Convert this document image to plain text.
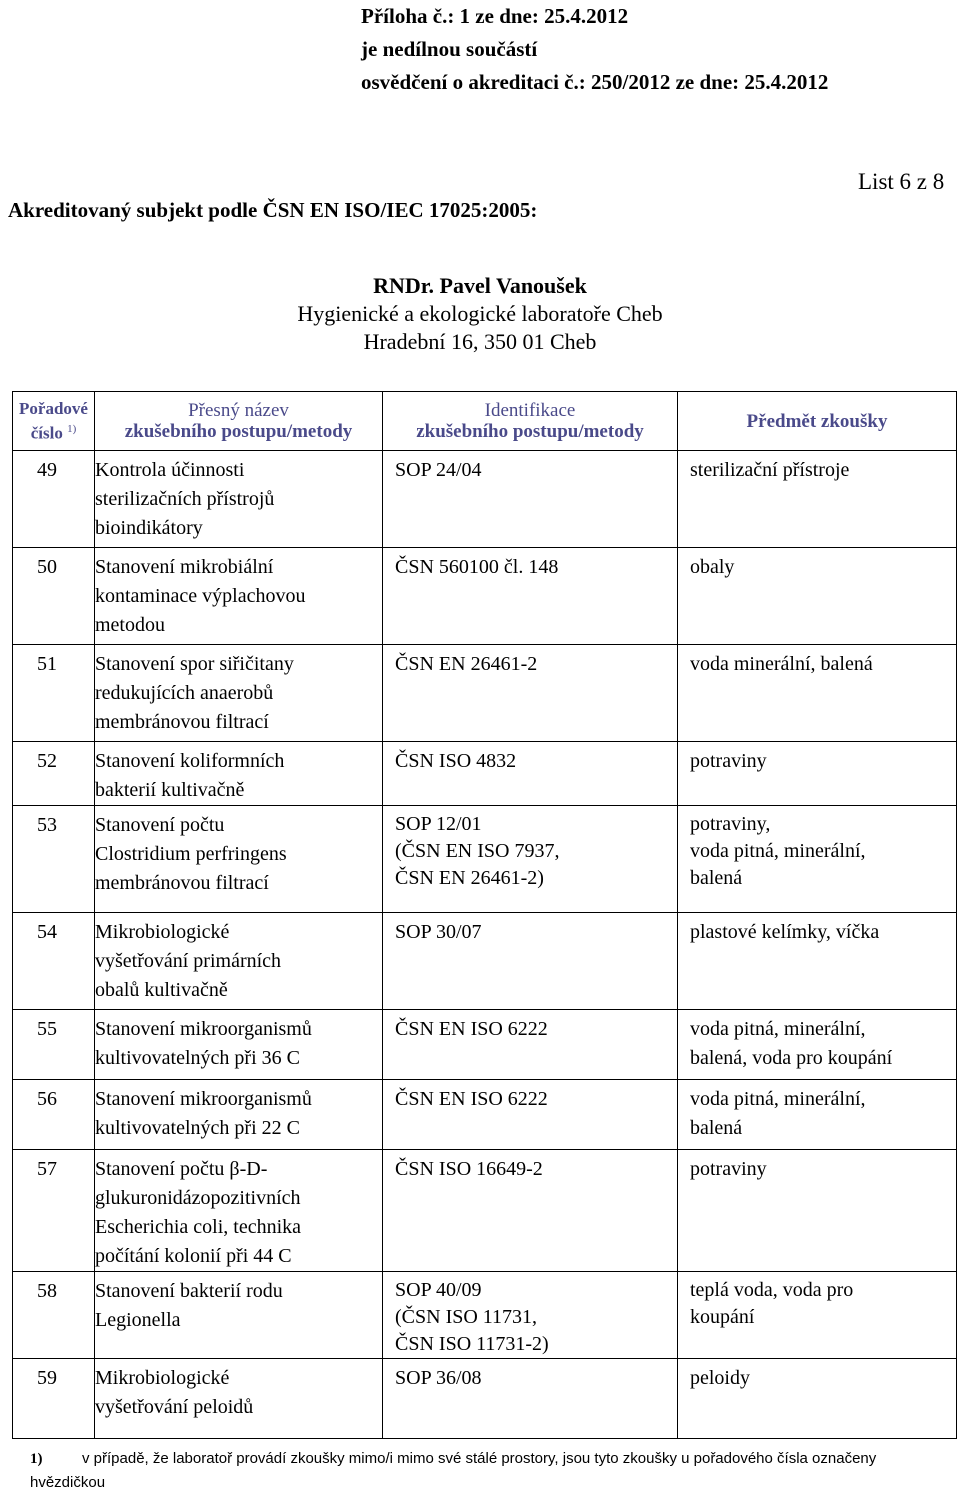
Příloha č.: 1 ze dne: 25.4.2012
je nedílnou součástí
osvědčení o akreditaci č.: 250/2012 ze dne: 25.4.2012
Akreditovaný subjekt podle ČSN EN ISO/IEC 17025:2005:
List 6 z 8
RNDr. Pavel Vanoušek
Hygienické a ekologické laboratoře Cheb
Hradební 16, 350 01 Cheb
Pořadové
číslo $^{1)}$	Přesný název
zkušebního postupu/metody	Identifikace
zkušebního postupu/metody	Předmět zkoušky
49	Kontrola účinnosti
sterilizačních přístrojů
bioindikátory	SOP 24/04	sterilizační přístroje

50	Stanovení mikrobiální
kontaminace výplachovou
metodou	ČSN 560100 čl. 148	obaly

51	Stanovení spor siřičitany
redukujících anaerobů
membránovou filtrací	ČSN EN 26461-2	voda minerální, balená

52	Stanovení koliformních
bakterií kultivačně	ČSN ISO 4832	potraviny

53	Stanovení počtu
Clostridium perfringens
membránovou filtrací	SOP 12/01
(ČSN EN ISO 7937,
ČSN EN 26461-2)	potraviny,
voda pitná, minerální,
balená

54	Mikrobiologické
vyšetřování primárních
obalů kultivačně	SOP 30/07	plastové kelímky, víčka

55	Stanovení mikroorganismů
kultivovatelných při 36 C	ČSN EN ISO 6222	voda pitná, minerální,
balená, voda pro koupání

56	Stanovení mikroorganismů
kultivovatelných při 22 C	ČSN EN ISO 6222	voda pitná, minerální,
balená

57	Stanovení počtu β-D-
glukuronidázopozitivních
Escherichia coli, technika
počítání kolonií při 44 C	ČSN ISO 16649-2	potraviny

58	Stanovení bakterií rodu
Legionella	SOP 40/09
(ČSN ISO 11731,
ČSN ISO 11731-2)	teplá voda, voda pro
koupání

59	Mikrobiologické
vyšetřování peloidů	SOP 36/08	peloidy
1)	v případě, že laboratoř provádí zkoušky mimo/i mimo své stálé prostory, jsou tyto zkoušky u pořadového čísla označeny hvězdičkou
